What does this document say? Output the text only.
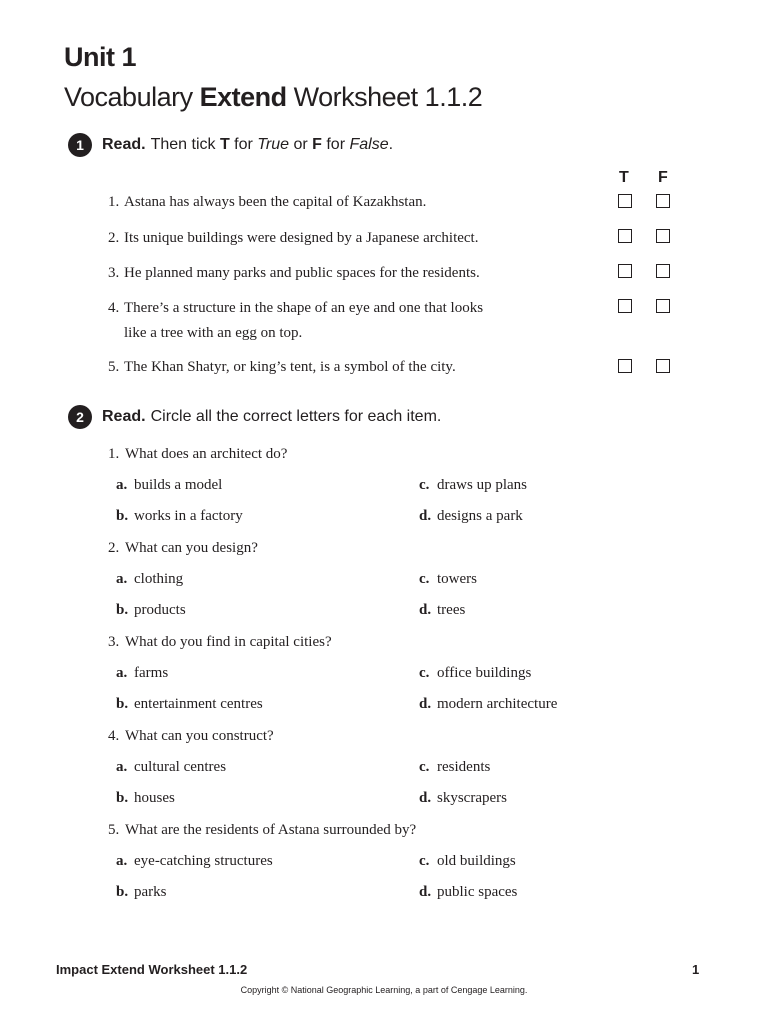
Unit 1
Vocabulary Extend Worksheet 1.1.2
1	Read. Then tick T for True or F for False.
T F
1. Astana has always been the capital of Kazakhstan.
2. Its unique buildings were designed by a Japanese architect.
3. He planned many parks and public spaces for the residents.
4. There’s a structure in the shape of an eye and one that looks
like a tree with an egg on top.
5. The Khan Shatyr, or king’s tent, is a symbol of the city.
2	Read. Circle all the correct letters for each item.
1. What does an architect do?
a. builds a model	c. draws up plans
b. works in a factory	d. designs a park
2. What can you design?
a. clothing	c. towers
b. products	d. trees
3. What do you find in capital cities?
a. farms	c. office buildings
b. entertainment centres	d. modern architecture
4. What can you construct?
a. cultural centres	c. residents
b. houses	d. skyscrapers
5. What are the residents of Astana surrounded by?
a. eye-catching structures	c. old buildings
b. parks	d. public spaces
Impact Extend Worksheet 1.1.2	1
Copyright © National Geographic Learning, a part of Cengage Learning.
